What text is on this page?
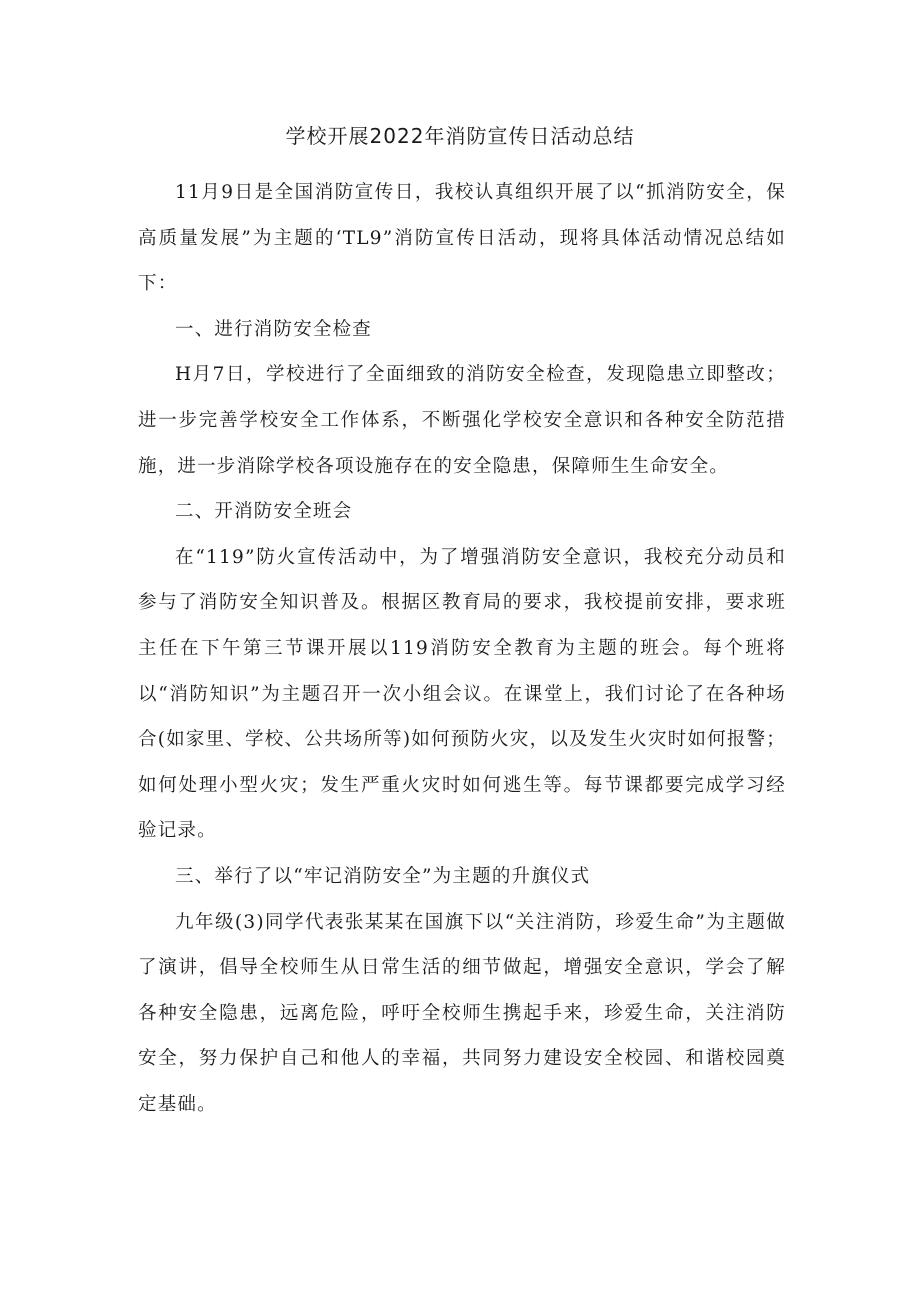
学校开展2022年消防宣传日活动总结

11月9日是全国消防宣传日，我校认真组织开展了以“抓消防安全，保高质量发展”为主题的‘TL9”消防宣传日活动，现将具体活动情况总结如下：

一、进行消防安全检查

H月7日，学校进行了全面细致的消防安全检查，发现隐患立即整改；进一步完善学校安全工作体系，不断强化学校安全意识和各种安全防范措施，进一步消除学校各项设施存在的安全隐患，保障师生生命安全。

二、开消防安全班会

在“119”防火宣传活动中，为了增强消防安全意识，我校充分动员和参与了消防安全知识普及。根据区教育局的要求，我校提前安排，要求班主任在下午第三节课开展以119消防安全教育为主题的班会。每个班将以“消防知识”为主题召开一次小组会议。在课堂上，我们讨论了在各种场合(如家里、学校、公共场所等)如何预防火灾，以及发生火灾时如何报警；如何处理小型火灾；发生严重火灾时如何逃生等。每节课都要完成学习经验记录。

三、举行了以“牢记消防安全”为主题的升旗仪式

九年级(3)同学代表张某某在国旗下以“关注消防，珍爱生命”为主题做了演讲，倡导全校师生从日常生活的细节做起，增强安全意识，学会了解各种安全隐患，远离危险，呼吁全校师生携起手来，珍爱生命，关注消防安全，努力保护自己和他人的幸福，共同努力建设安全校园、和谐校园奠定基础。
